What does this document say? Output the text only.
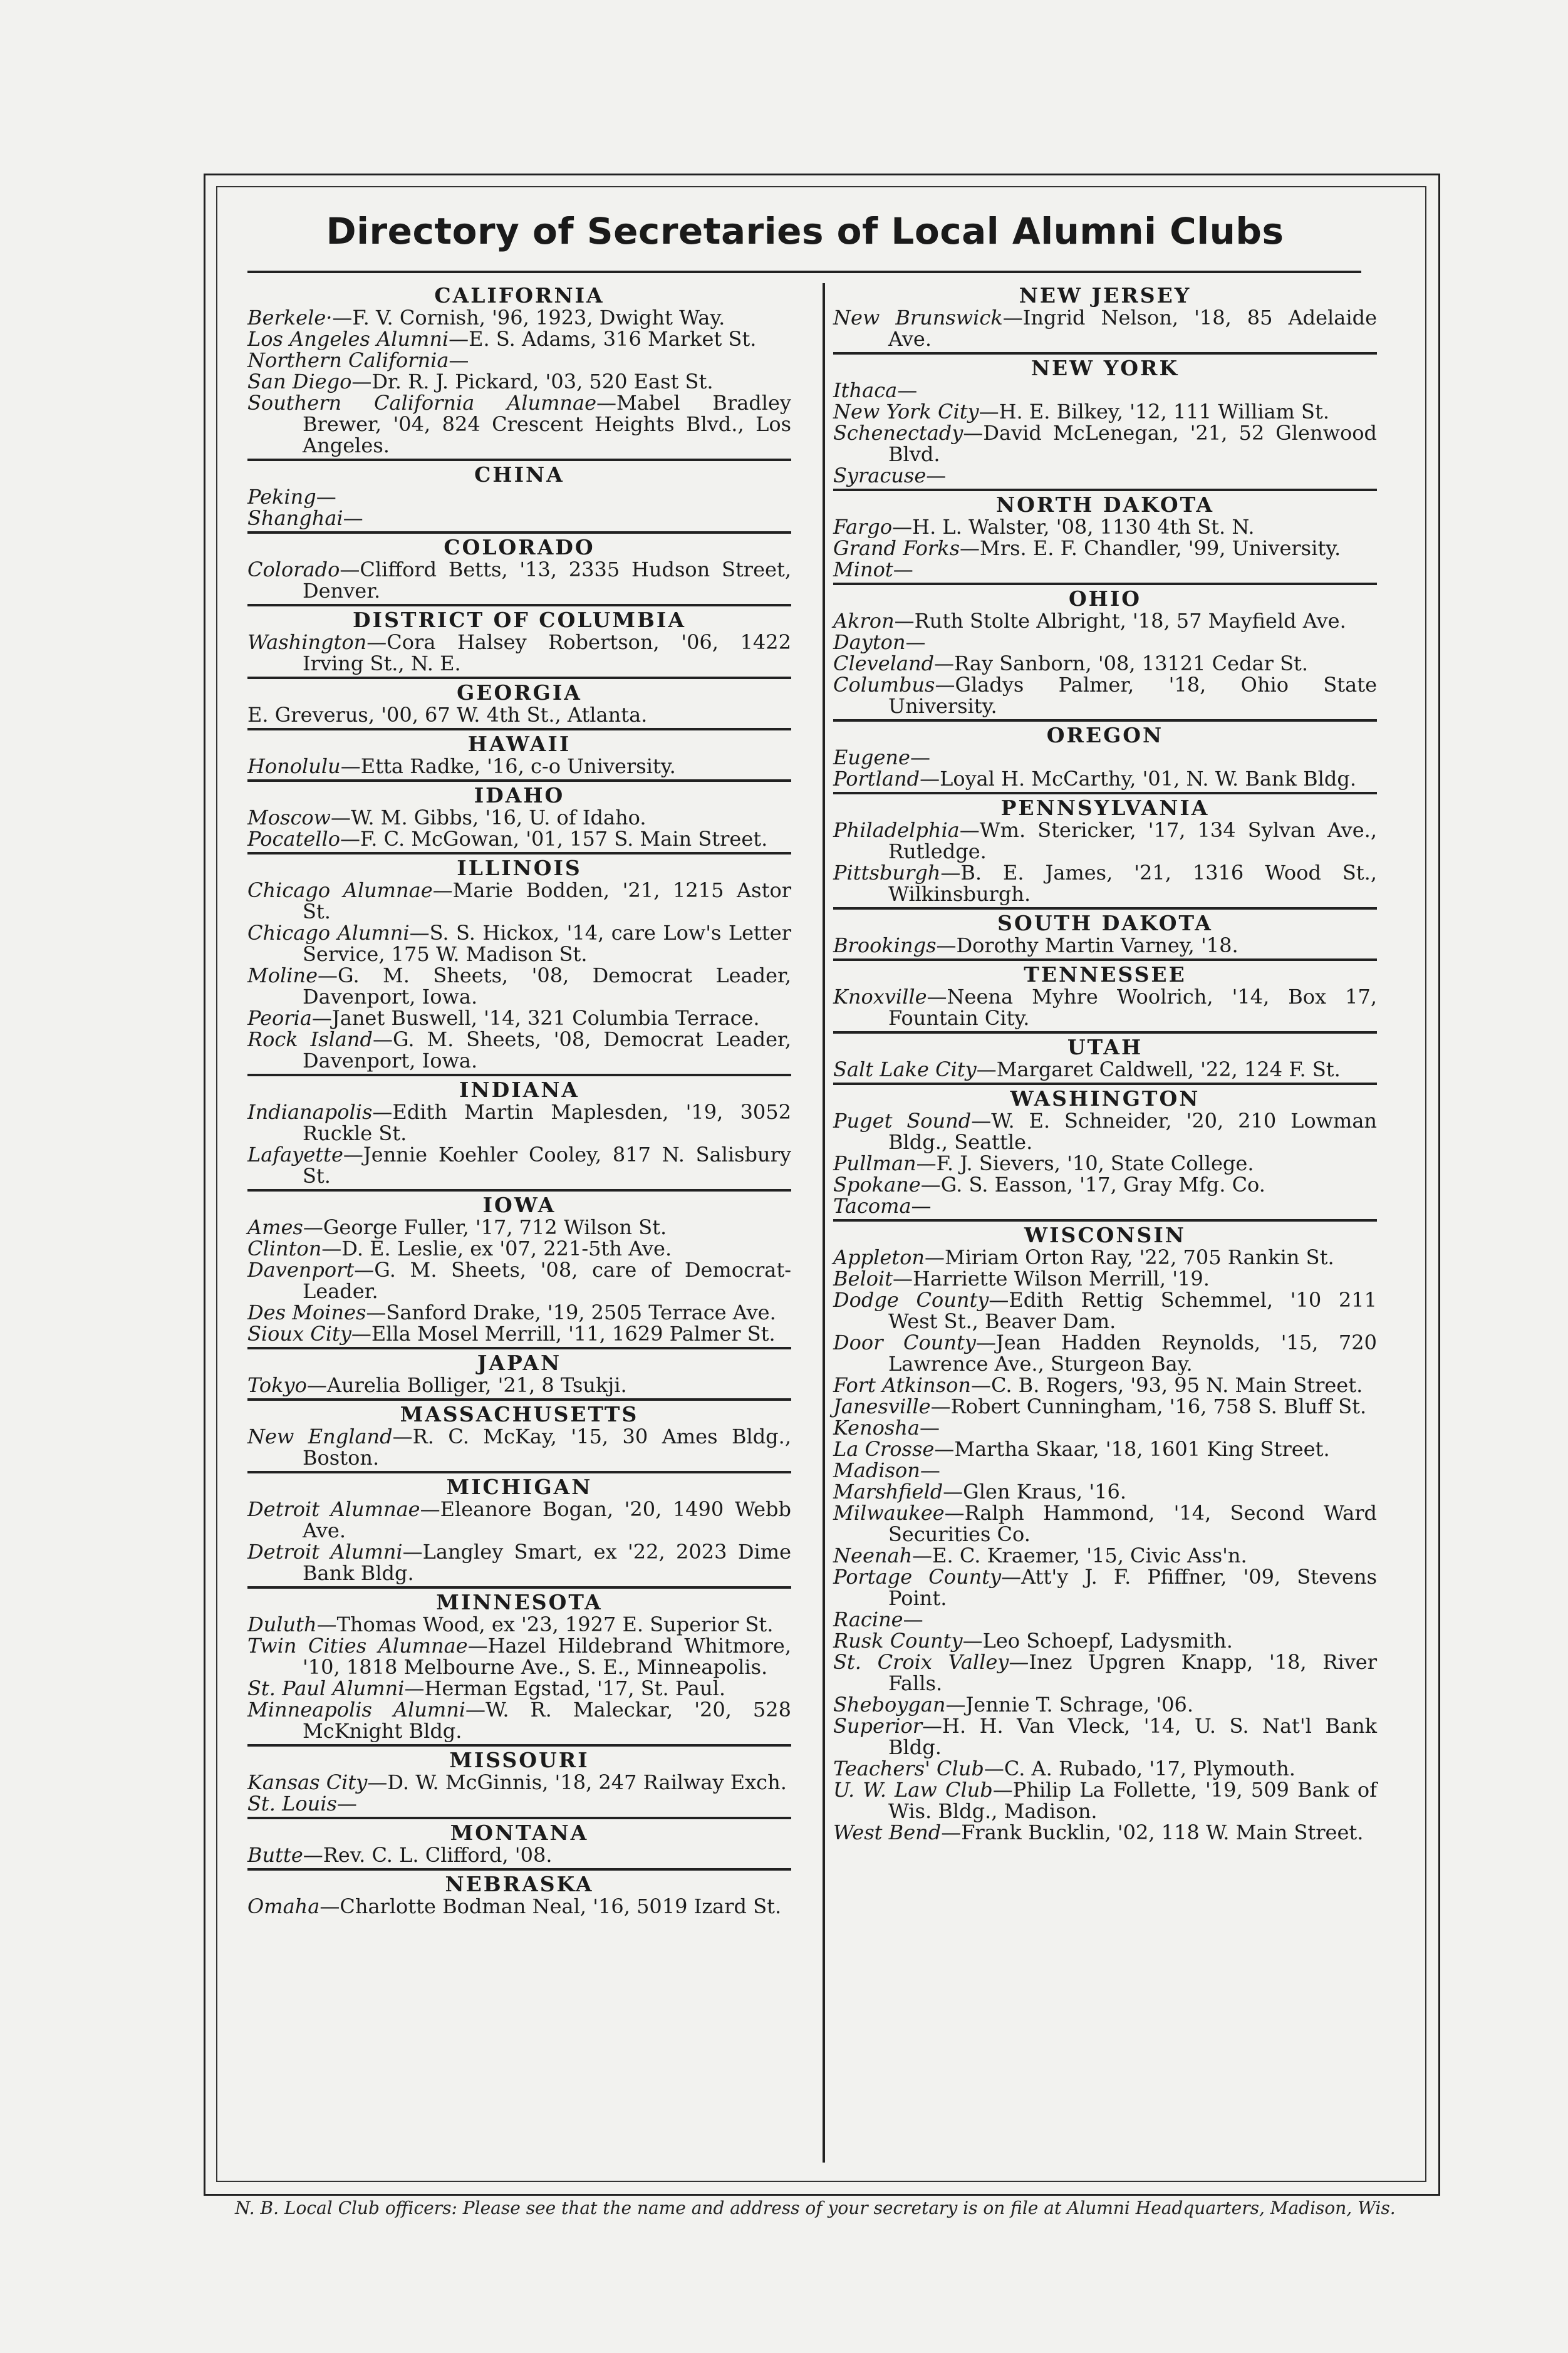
Directory of Secretaries of Local Alumni Clubs
CALIFORNIA
Berkele·—F. V. Cornish, '96, 1923, Dwight Way.
Los Angeles Alumni—E. S. Adams, 316 Market St.
Northern California—
San Diego—Dr. R. J. Pickard, '03, 520 East St.
Southern California Alumnae—Mabel Bradley Brewer, '04, 824 Crescent Heights Blvd., Los Angeles.
CHINA
Peking—
Shanghai—
COLORADO
Colorado—Clifford Betts, '13, 2335 Hudson Street, Denver.
DISTRICT OF COLUMBIA
Washington—Cora Halsey Robertson, '06, 1422 Irving St., N. E.
GEORGIA
E. Greverus, '00, 67 W. 4th St., Atlanta.
HAWAII
Honolulu—Etta Radke, '16, c-o University.
IDAHO
Moscow—W. M. Gibbs, '16, U. of Idaho.
Pocatello—F. C. McGowan, '01, 157 S. Main Street.
ILLINOIS
Chicago Alumnae—Marie Bodden, '21, 1215 Astor St.
Chicago Alumni—S. S. Hickox, '14, care Low's Letter Service, 175 W. Madison St.
Moline—G. M. Sheets, '08, Democrat Leader, Davenport, Iowa.
Peoria—Janet Buswell, '14, 321 Columbia Terrace.
Rock Island—G. M. Sheets, '08, Democrat Leader, Davenport, Iowa.
INDIANA
Indianapolis—Edith Martin Maplesden, '19, 3052 Ruckle St.
Lafayette—Jennie Koehler Cooley, 817 N. Salisbury St.
IOWA
Ames—George Fuller, '17, 712 Wilson St.
Clinton—D. E. Leslie, ex '07, 221-5th Ave.
Davenport—G. M. Sheets, '08, care of Democrat-Leader.
Des Moines—Sanford Drake, '19, 2505 Terrace Ave.
Sioux City—Ella Mosel Merrill, '11, 1629 Palmer St.
JAPAN
Tokyo—Aurelia Bolliger, '21, 8 Tsukji.
MASSACHUSETTS
New England—R. C. McKay, '15, 30 Ames Bldg., Boston.
MICHIGAN
Detroit Alumnae—Eleanore Bogan, '20, 1490 Webb Ave.
Detroit Alumni—Langley Smart, ex '22, 2023 Dime Bank Bldg.
MINNESOTA
Duluth—Thomas Wood, ex '23, 1927 E. Superior St.
Twin Cities Alumnae—Hazel Hildebrand Whitmore, '10, 1818 Melbourne Ave., S. E., Minneapolis.
St. Paul Alumni—Herman Egstad, '17, St. Paul.
Minneapolis Alumni—W. R. Maleckar, '20, 528 McKnight Bldg.
MISSOURI
Kansas City—D. W. McGinnis, '18, 247 Railway Exch.
St. Louis—
MONTANA
Butte—Rev. C. L. Clifford, '08.
NEBRASKA
Omaha—Charlotte Bodman Neal, '16, 5019 Izard St.
NEW JERSEY
New Brunswick—Ingrid Nelson, '18, 85 Adelaide Ave.
NEW YORK
Ithaca—
New York City—H. E. Bilkey, '12, 111 William St.
Schenectady—David McLenegan, '21, 52 Glenwood Blvd.
Syracuse—
NORTH DAKOTA
Fargo—H. L. Walster, '08, 1130 4th St. N.
Grand Forks—Mrs. E. F. Chandler, '99, University.
Minot—
OHIO
Akron—Ruth Stolte Albright, '18, 57 Mayfield Ave.
Dayton—
Cleveland—Ray Sanborn, '08, 13121 Cedar St.
Columbus—Gladys Palmer, '18, Ohio State University.
OREGON
Eugene—
Portland—Loyal H. McCarthy, '01, N. W. Bank Bldg.
PENNSYLVANIA
Philadelphia—Wm. Stericker, '17, 134 Sylvan Ave., Rutledge.
Pittsburgh—B. E. James, '21, 1316 Wood St., Wilkinsburgh.
SOUTH DAKOTA
Brookings—Dorothy Martin Varney, '18.
TENNESSEE
Knoxville—Neena Myhre Woolrich, '14, Box 17, Fountain City.
UTAH
Salt Lake City—Margaret Caldwell, '22, 124 F. St.
WASHINGTON
Puget Sound—W. E. Schneider, '20, 210 Lowman Bldg., Seattle.
Pullman—F. J. Sievers, '10, State College.
Spokane—G. S. Easson, '17, Gray Mfg. Co.
Tacoma—
WISCONSIN
Appleton—Miriam Orton Ray, '22, 705 Rankin St.
Beloit—Harriette Wilson Merrill, '19.
Dodge County—Edith Rettig Schemmel, '10 211 West St., Beaver Dam.
Door County—Jean Hadden Reynolds, '15, 720 Lawrence Ave., Sturgeon Bay.
Fort Atkinson—C. B. Rogers, '93, 95 N. Main Street.
Janesville—Robert Cunningham, '16, 758 S. Bluff St.
Kenosha—
La Crosse—Martha Skaar, '18, 1601 King Street.
Madison—
Marshfield—Glen Kraus, '16.
Milwaukee—Ralph Hammond, '14, Second Ward Securities Co.
Neenah—E. C. Kraemer, '15, Civic Ass'n.
Portage County—Att'y J. F. Pfiffner, '09, Stevens Point.
Racine—
Rusk County—Leo Schoepf, Ladysmith.
St. Croix Valley—Inez Upgren Knapp, '18, River Falls.
Sheboygan—Jennie T. Schrage, '06.
Superior—H. H. Van Vleck, '14, U. S. Nat'l Bank Bldg.
Teachers' Club—C. A. Rubado, '17, Plymouth.
U. W. Law Club—Philip La Follette, '19, 509 Bank of Wis. Bldg., Madison.
West Bend—Frank Bucklin, '02, 118 W. Main Street.
N. B. Local Club officers: Please see that the name and address of your secretary is on file at Alumni Headquarters, Madison, Wis.
